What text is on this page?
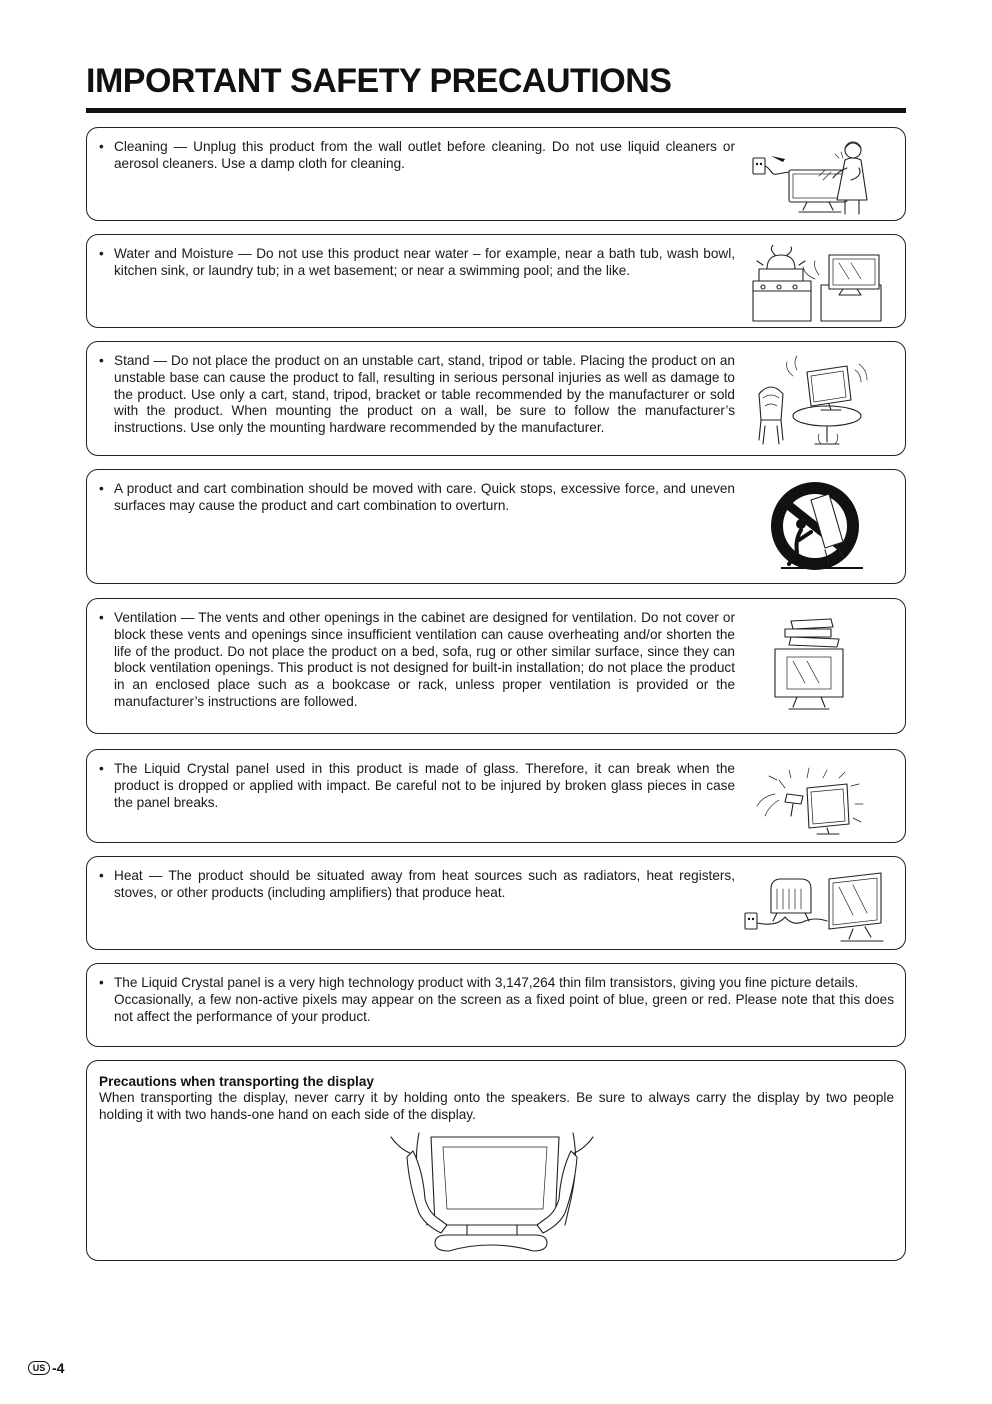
IMPORTANT SAFETY PRECAUTIONS
• Cleaning — Unplug this product from the wall outlet before cleaning. Do not use liquid cleaners or aerosol cleaners. Use a damp cloth for cleaning.
• Water and Moisture — Do not use this product near water – for example, near a bath tub, wash bowl, kitchen sink, or laundry tub; in a wet basement; or near a swimming pool; and the like.
• Stand — Do not place the product on an unstable cart, stand, tripod or table. Placing the product on an unstable base can cause the product to fall, resulting in serious personal injuries as well as damage to the product. Use only a cart, stand, tripod, bracket or table recommended by the manufacturer or sold with the product. When mounting the product on a wall, be sure to follow the manufacturer’s instructions. Use only the mounting hardware recommended by the manufacturer.
• A product and cart combination should be moved with care. Quick stops, excessive force, and uneven surfaces may cause the product and cart combination to overturn.
• Ventilation — The vents and other openings in the cabinet are designed for ventilation. Do not cover or block these vents and openings since insufficient ventilation can cause overheating and/or shorten the life of the product. Do not place the product on a bed, sofa, rug or other similar surface, since they can block ventilation openings. This product is not designed for built-in installation; do not place the product in an enclosed place such as a bookcase or rack, unless proper ventilation is provided or the manufacturer’s instructions are followed.
• The Liquid Crystal panel used in this product is made of glass. Therefore, it can break when the product is dropped or applied with impact. Be careful not to be injured by broken glass pieces in case the panel breaks.
• Heat — The product should be situated away from heat sources such as radiators, heat registers, stoves, or other products (including amplifiers) that produce heat.
• The Liquid Crystal panel is a very high technology product with 3,147,264 thin film transistors, giving you fine picture details.
Occasionally, a few non-active pixels may appear on the screen as a fixed point of blue, green or red. Please note that this does not affect the performance of your product.
Precautions when transporting the display
When transporting the display, never carry it by holding onto the speakers. Be sure to always carry the display by two people holding it with two hands-one hand on each side of the display.
US -4
